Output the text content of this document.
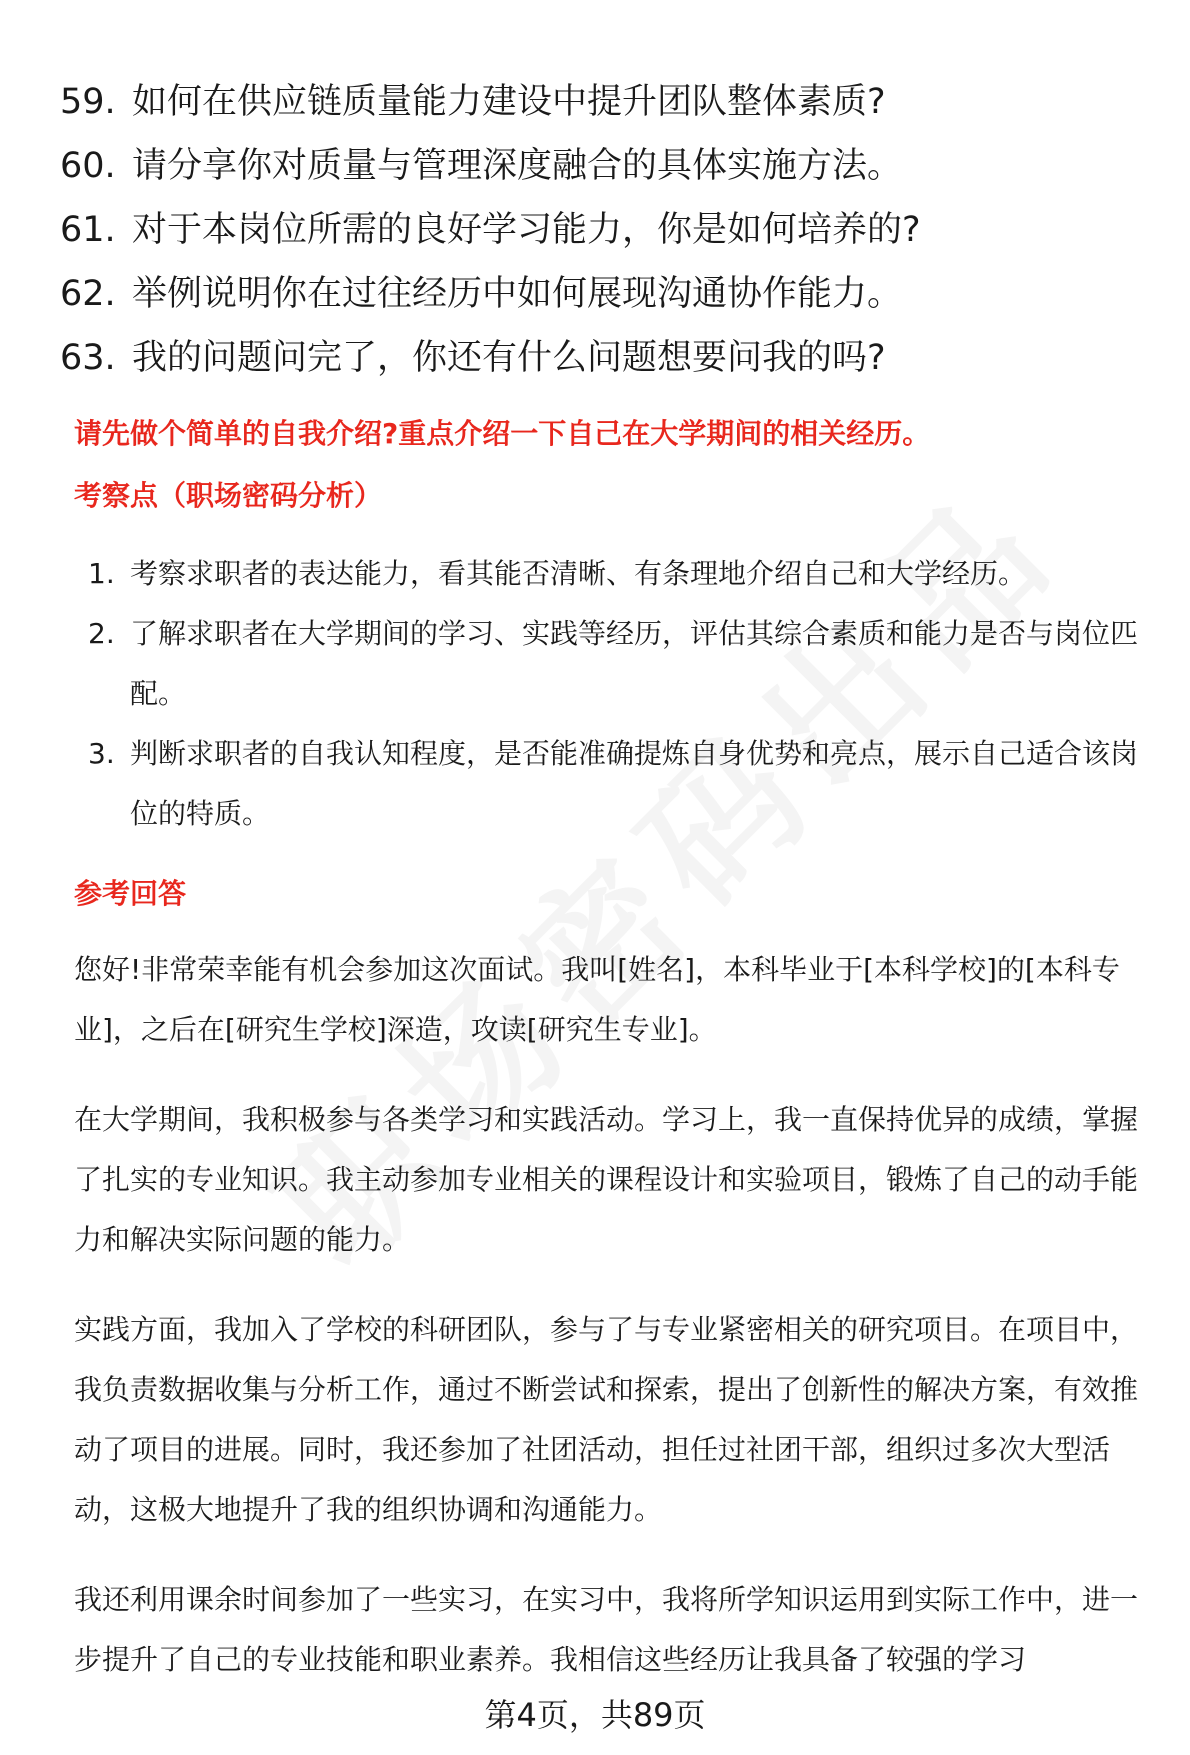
59. 如何在供应链质量能力建设中提升团队整体素质?
60. 请分享你对质量与管理深度融合的具体实施方法。
61. 对于本岗位所需的良好学习能力，你是如何培养的?
62. 举例说明你在过往经历中如何展现沟通协作能力。
63. 我的问题问完了，你还有什么问题想要问我的吗?
请先做个简单的自我介绍?重点介绍一下自己在大学期间的相关经历。
考察点（职场密码分析）
1. 考察求职者的表达能力，看其能否清晰、有条理地介绍自己和大学经历。
2. 了解求职者在大学期间的学习、实践等经历，评估其综合素质和能力是否与岗位匹配。
3. 判断求职者的自我认知程度，是否能准确提炼自身优势和亮点，展示自己适合该岗位的特质。
参考回答
您好!非常荣幸能有机会参加这次面试。我叫[姓名]，本科毕业于[本科学校]的[本科专业]，之后在[研究生学校]深造，攻读[研究生专业]。
在大学期间，我积极参与各类学习和实践活动。学习上，我一直保持优异的成绩，掌握了扎实的专业知识。我主动参加专业相关的课程设计和实验项目，锻炼了自己的动手能力和解决实际问题的能力。
实践方面，我加入了学校的科研团队，参与了与专业紧密相关的研究项目。在项目中，我负责数据收集与分析工作，通过不断尝试和探索，提出了创新性的解决方案，有效推动了项目的进展。同时，我还参加了社团活动，担任过社团干部，组织过多次大型活动，这极大地提升了我的组织协调和沟通能力。
我还利用课余时间参加了一些实习，在实习中，我将所学知识运用到实际工作中，进一步提升了自己的专业技能和职业素养。我相信这些经历让我具备了较强的学习
第4页，共89页
